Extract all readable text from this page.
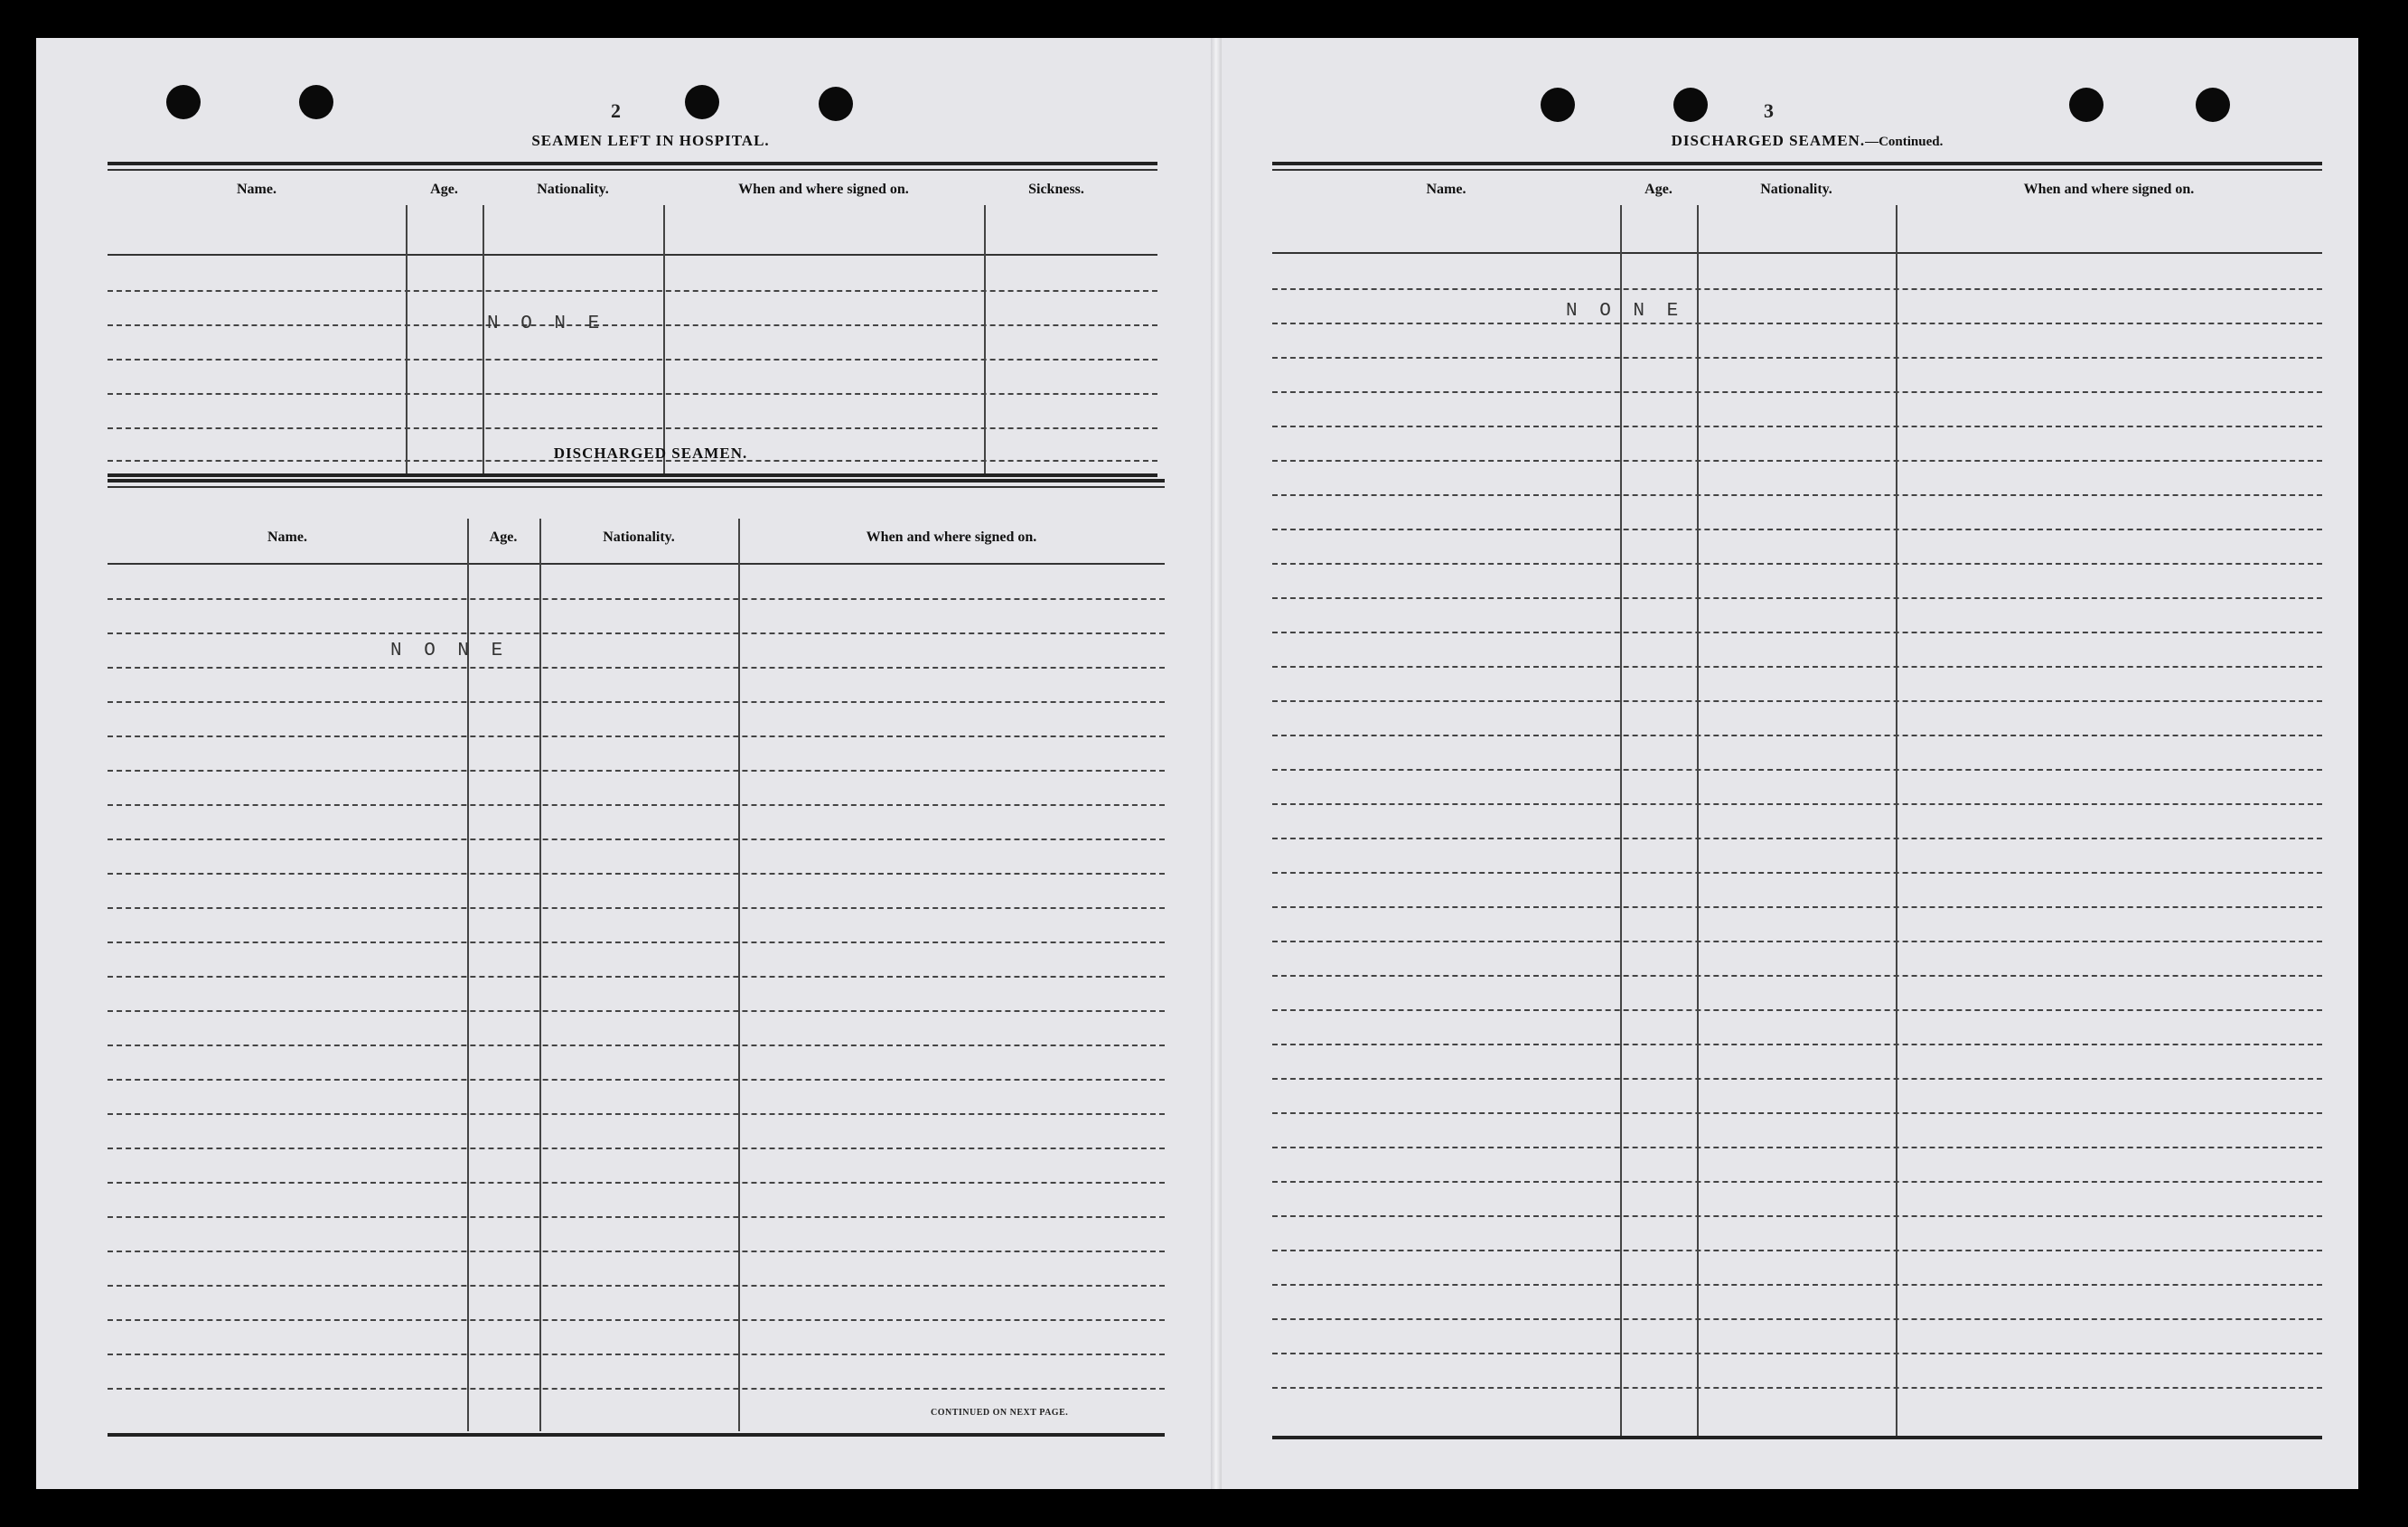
2
SEAMEN LEFT IN HOSPITAL.
Name.	Age.	Nationality.	When and where signed on.	Sickness.
N O N E
DISCHARGED SEAMEN.
Name.	Age.	Nationality.	When and where signed on.
N O N E
CONTINUED ON NEXT PAGE.
3
DISCHARGED SEAMEN.—Continued.
Name.	Age.	Nationality.	When and where signed on.
N O N E
